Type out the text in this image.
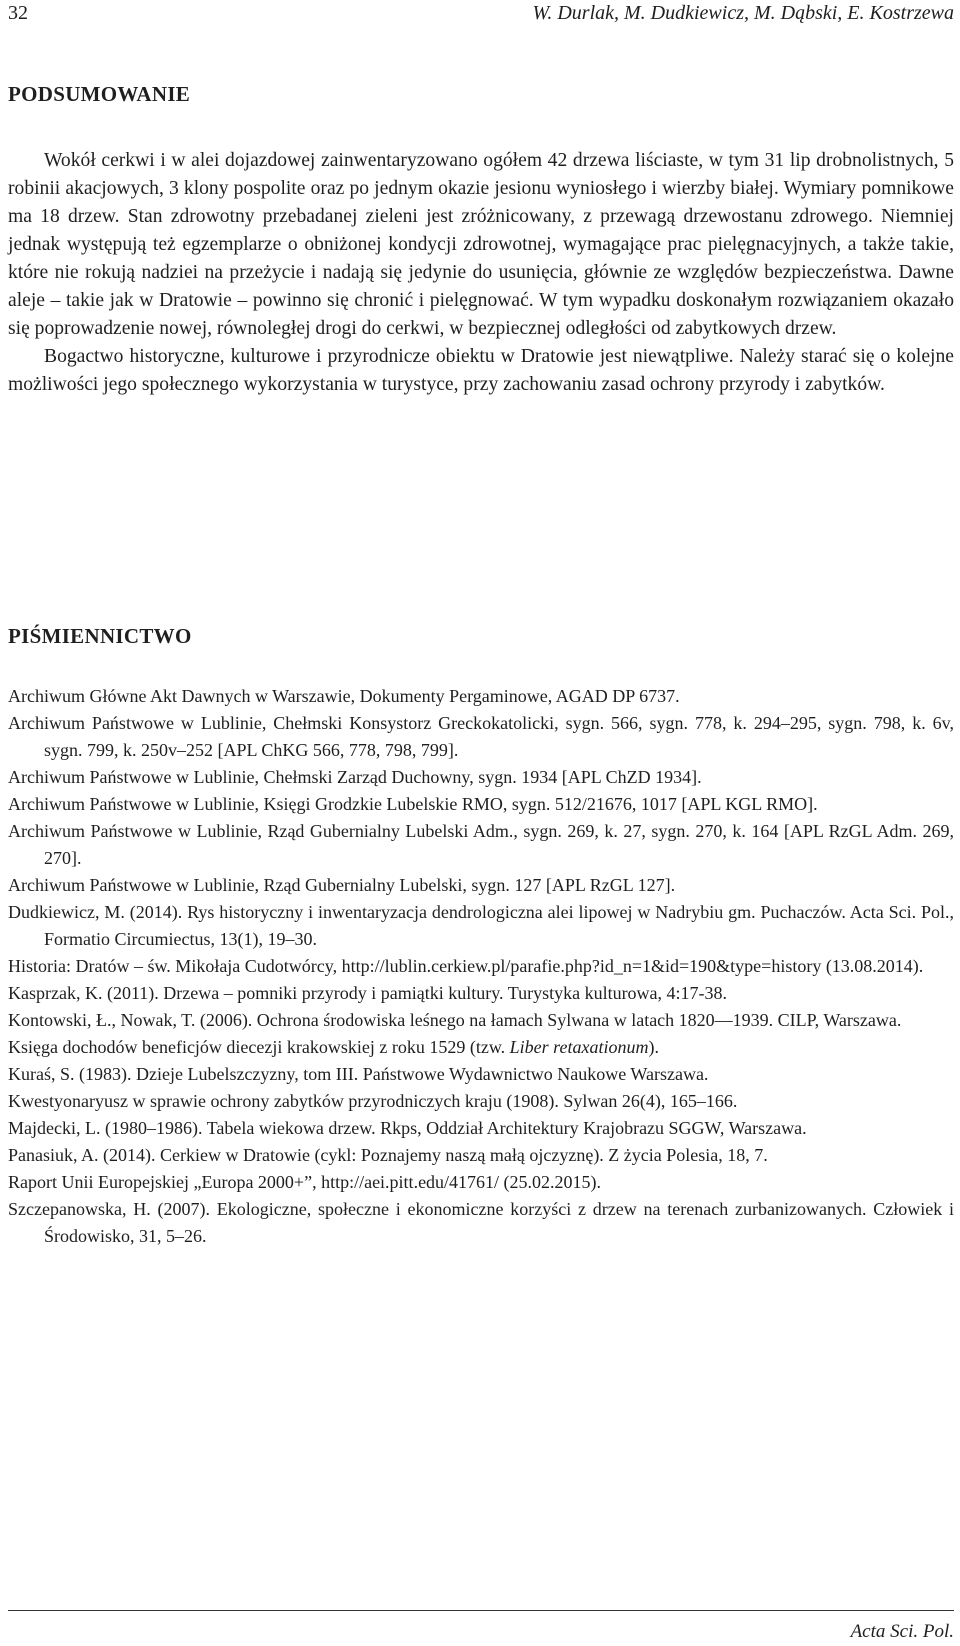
32	W. Durlak, M. Dudkiewicz, M. Dąbski, E. Kostrzewa
PODSUMOWANIE

Wokół cerkwi i w alei dojazdowej zainwentaryzowano ogółem 42 drzewa liściaste, w tym 31 lip drobnolistnych, 5 robinii akacjowych, 3 klony pospolite oraz po jednym okazie jesionu wyniosłego i wierzby białej. Wymiary pomnikowe ma 18 drzew. Stan zdrowotny przebadanej zieleni jest zróżnicowany, z przewagą drzewostanu zdrowego. Niemniej jednak występują też egzemplarze o obniżonej kondycji zdrowotnej, wymagające prac pielęgnacyjnych, a także takie, które nie rokują nadziei na przeżycie i nadają się jedynie do usunięcia, głównie ze względów bezpieczeństwa. Dawne aleje – takie jak w Dratowie – powinno się chronić i pielęgnować. W tym wypadku doskonałym rozwiązaniem okazało się poprowadzenie nowej, równoległej drogi do cerkwi, w bezpiecznej odległości od zabytkowych drzew.

Bogactwo historyczne, kulturowe i przyrodnicze obiektu w Dratowie jest niewątpliwe. Należy starać się o kolejne możliwości jego społecznego wykorzystania w turystyce, przy zachowaniu zasad ochrony przyrody i zabytków.

PIŚMIENNICTWO

Archiwum Główne Akt Dawnych w Warszawie, Dokumenty Pergaminowe, AGAD DP 6737.

Archiwum Państwowe w Lublinie, Chełmski Konsystorz Greckokatolicki, sygn. 566, sygn. 778, k. 294–295, sygn. 798, k. 6v, sygn. 799, k. 250v–252 [APL ChKG 566, 778, 798, 799].

Archiwum Państwowe w Lublinie, Chełmski Zarząd Duchowny, sygn. 1934 [APL ChZD 1934].

Archiwum Państwowe w Lublinie, Księgi Grodzkie Lubelskie RMO, sygn. 512/21676, 1017 [APL KGL RMO].

Archiwum Państwowe w Lublinie, Rząd Gubernialny Lubelski Adm., sygn. 269, k. 27, sygn. 270, k. 164 [APL RzGL Adm. 269, 270].

Archiwum Państwowe w Lublinie, Rząd Gubernialny Lubelski, sygn. 127 [APL RzGL 127].

Dudkiewicz, M. (2014). Rys historyczny i inwentaryzacja dendrologiczna alei lipowej w Nadrybiu gm. Puchaczów. Acta Sci. Pol., Formatio Circumiectus, 13(1), 19–30.

Historia: Dratów – św. Mikołaja Cudotwórcy, http://lublin.cerkiew.pl/parafie.php?id_n=1&id=190&type=history (13.08.2014).

Kasprzak, K. (2011). Drzewa – pomniki przyrody i pamiątki kultury. Turystyka kulturowa, 4:17-38.

Kontowski, Ł., Nowak, T. (2006). Ochrona środowiska leśnego na łamach Sylwana w latach 1820––1939. CILP, Warszawa.

Księga dochodów beneficjów diecezji krakowskiej z roku 1529 (tzw. Liber retaxationum).

Kuraś, S. (1983). Dzieje Lubelszczyzny, tom III. Państwowe Wydawnictwo Naukowe Warszawa.

Kwestyonaryusz w sprawie ochrony zabytków przyrodniczych kraju (1908). Sylwan 26(4), 165–166.

Majdecki, L. (1980–1986). Tabela wiekowa drzew. Rkps, Oddział Architektury Krajobrazu SGGW, Warszawa.

Panasiuk, A. (2014). Cerkiew w Dratowie (cykl: Poznajemy naszą małą ojczyznę). Z życia Polesia, 18, 7.

Raport Unii Europejskiej „Europa 2000+”, http://aei.pitt.edu/41761/ (25.02.2015).

Szczepanowska, H. (2007). Ekologiczne, społeczne i ekonomiczne korzyści z drzew na terenach zurbanizowanych. Człowiek i Środowisko, 31, 5–26.

Acta Sci. Pol.
